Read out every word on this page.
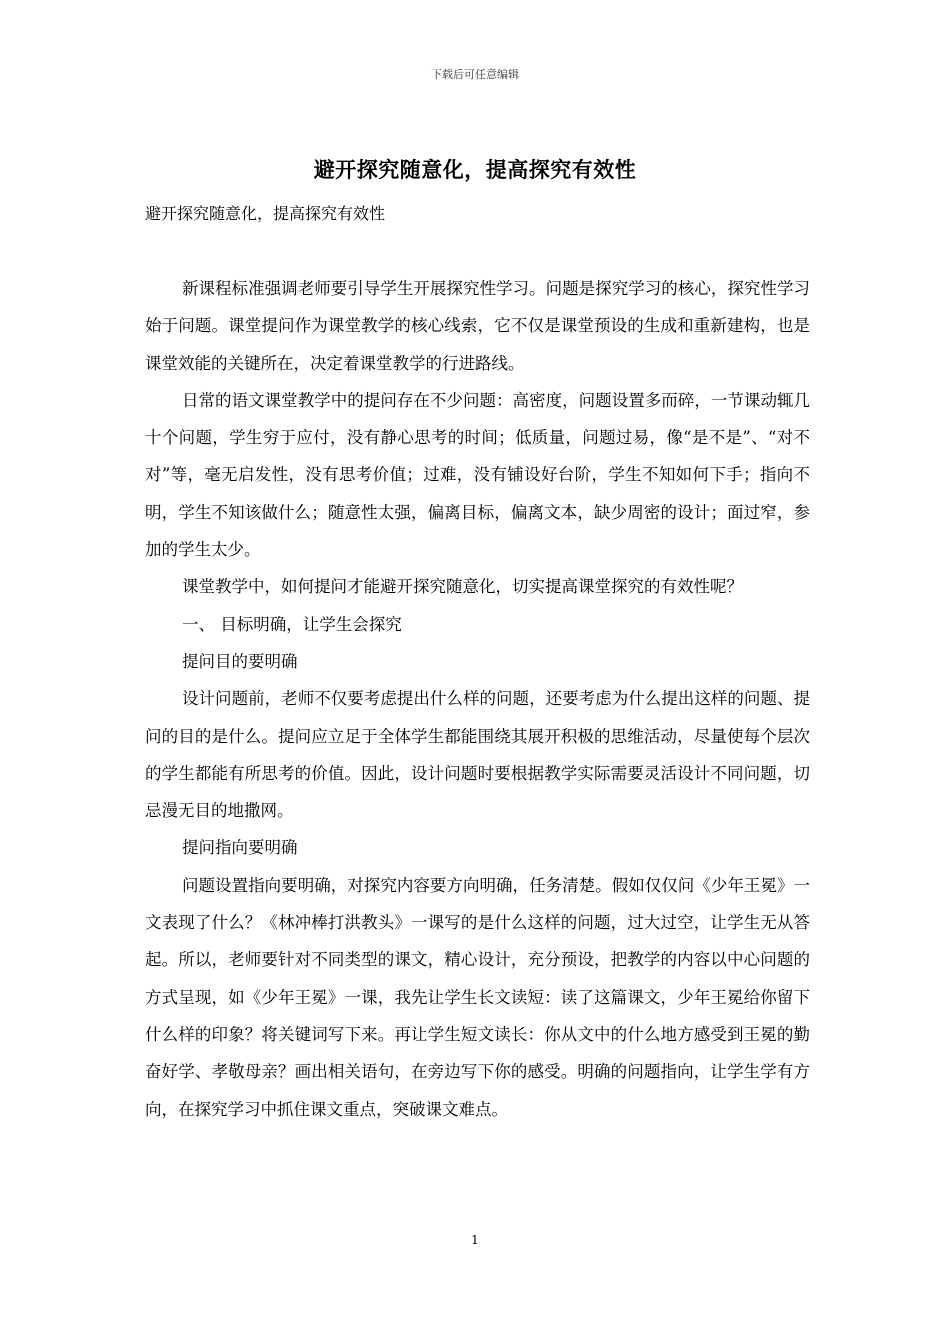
下载后可任意编辑
避开探究随意化，提高探究有效性
避开探究随意化，提高探究有效性

新课程标准强调老师要引导学生开展探究性学习。问题是探究学习的核心，探究性学习始于问题。课堂提问作为课堂教学的核心线索，它不仅是课堂预设的生成和重新建构，也是课堂效能的关键所在，决定着课堂教学的行进路线。

日常的语文课堂教学中的提问存在不少问题：高密度，问题设置多而碎，一节课动辄几十个问题，学生穷于应付，没有静心思考的时间；低质量，问题过易，像“是不是”、“对不对”等，毫无启发性，没有思考价值；过难，没有铺设好台阶，学生不知如何下手；指向不明，学生不知该做什么；随意性太强，偏离目标，偏离文本，缺少周密的设计；面过窄，参加的学生太少。

课堂教学中，如何提问才能避开探究随意化，切实提高课堂探究的有效性呢？

一、 目标明确，让学生会探究

提问目的要明确

设计问题前，老师不仅要考虑提出什么样的问题，还要考虑为什么提出这样的问题、提问的目的是什么。提问应立足于全体学生都能围绕其展开积极的思维活动，尽量使每个层次的学生都能有所思考的价值。因此，设计问题时要根据教学实际需要灵活设计不同问题，切忌漫无目的地撒网。

提问指向要明确

问题设置指向要明确，对探究内容要方向明确，任务清楚。假如仅仅问《少年王冕》一文表现了什么？《林冲棒打洪教头》一课写的是什么这样的问题，过大过空，让学生无从答起。所以，老师要针对不同类型的课文，精心设计，充分预设，把教学的内容以中心问题的方式呈现，如《少年王冕》一课，我先让学生长文读短：读了这篇课文，少年王冕给你留下什么样的印象？将关键词写下来。再让学生短文读长：你从文中的什么地方感受到王冕的勤奋好学、孝敬母亲？画出相关语句，在旁边写下你的感受。明确的问题指向，让学生学有方向，在探究学习中抓住课文重点，突破课文难点。

1
